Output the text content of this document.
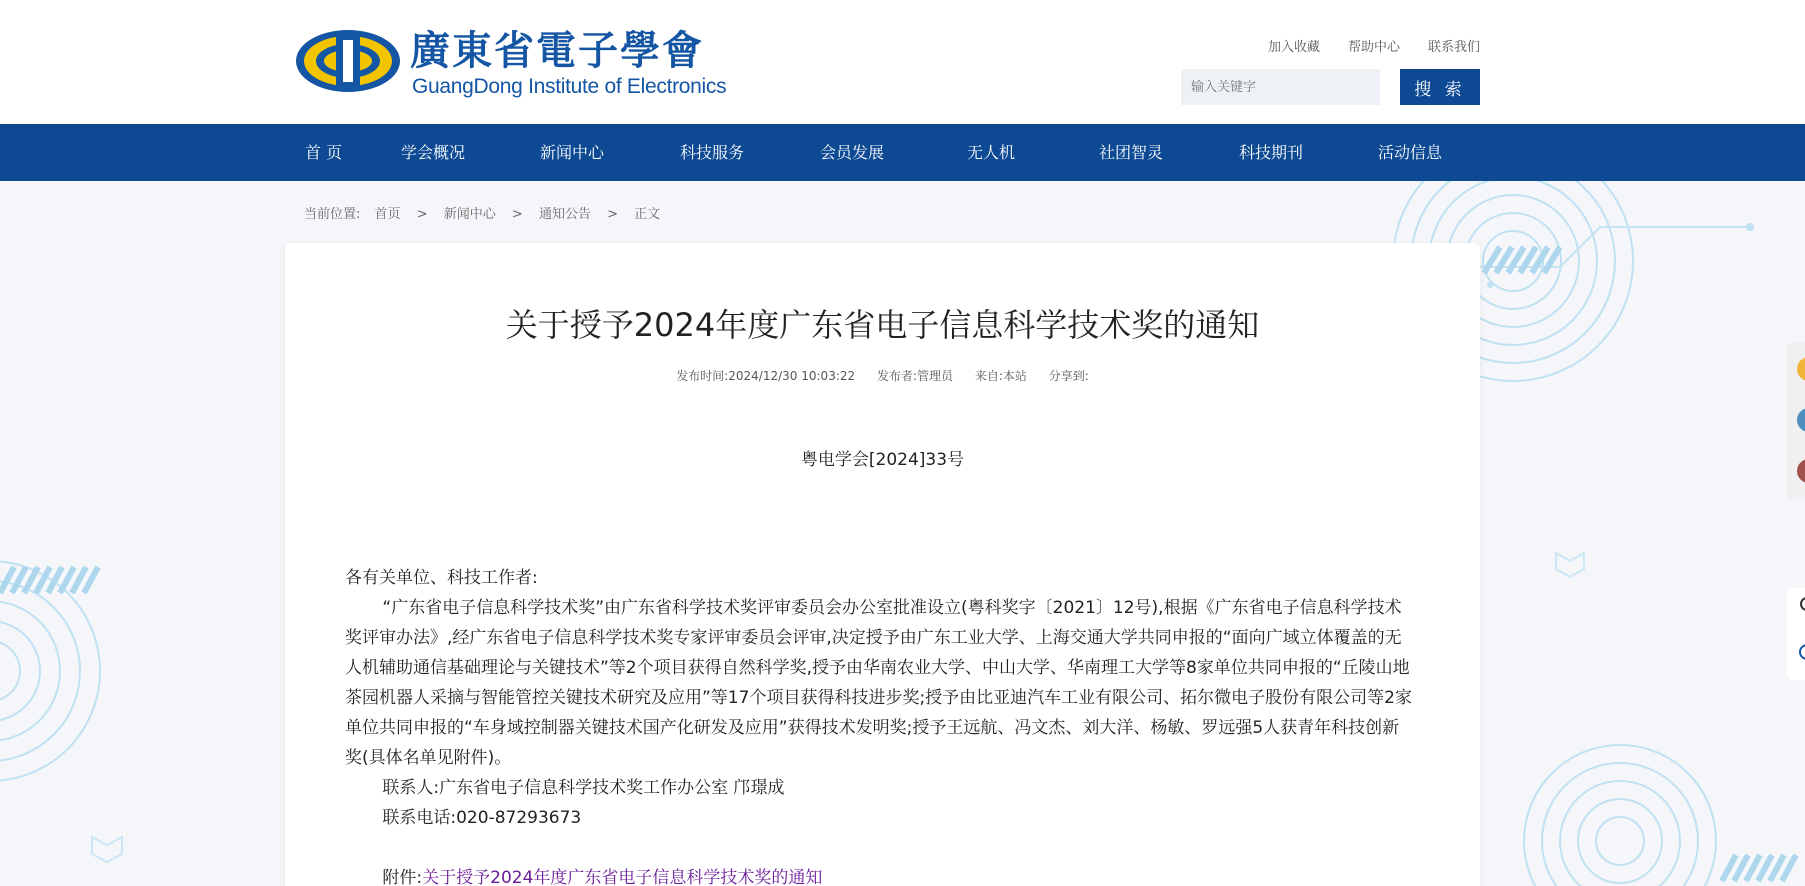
廣東省電子學會
GuangDong Institute of Electronics
加入收藏 帮助中心 联系我们
输入关键字
搜 索
首 页	学会概况	新闻中心	科技服务	会员发展	无人机	社团智灵	科技期刊	活动信息
当前位置: 首页 > 新闻中心 > 通知公告 > 正文
关于授予2024年度广东省电子信息科学技术奖的通知
发布时间:2024/12/30 10:03:22 发布者:管理员 来自:本站 分享到:
粤电学会[2024]33号

各有关单位、科技工作者:

“广东省电子信息科学技术奖”由广东省科学技术奖评审委员会办公室批准设立(粤科奖字〔2021〕12号),根据《广东省电子信息科学技术奖评审办法》,经广东省电子信息科学技术奖专家评审委员会评审,决定授予由广东工业大学、上海交通大学共同申报的“面向广域立体覆盖的无人机辅助通信基础理论与关键技术”等2个项目获得自然科学奖,授予由华南农业大学、中山大学、华南理工大学等8家单位共同申报的“丘陵山地茶园机器人采摘与智能管控关键技术研究及应用”等17个项目获得科技进步奖;授予由比亚迪汽车工业有限公司、拓尔微电子股份有限公司等2家单位共同申报的“车身域控制器关键技术国产化研发及应用”获得技术发明奖;授予王远航、冯文杰、刘大洋、杨敏、罗远强5人获青年科技创新奖(具体名单见附件)。

联系人:广东省电子信息科学技术奖工作办公室 邝璟成

联系电话:020-87293673

附件:关于授予2024年度广东省电子信息科学技术奖的通知
